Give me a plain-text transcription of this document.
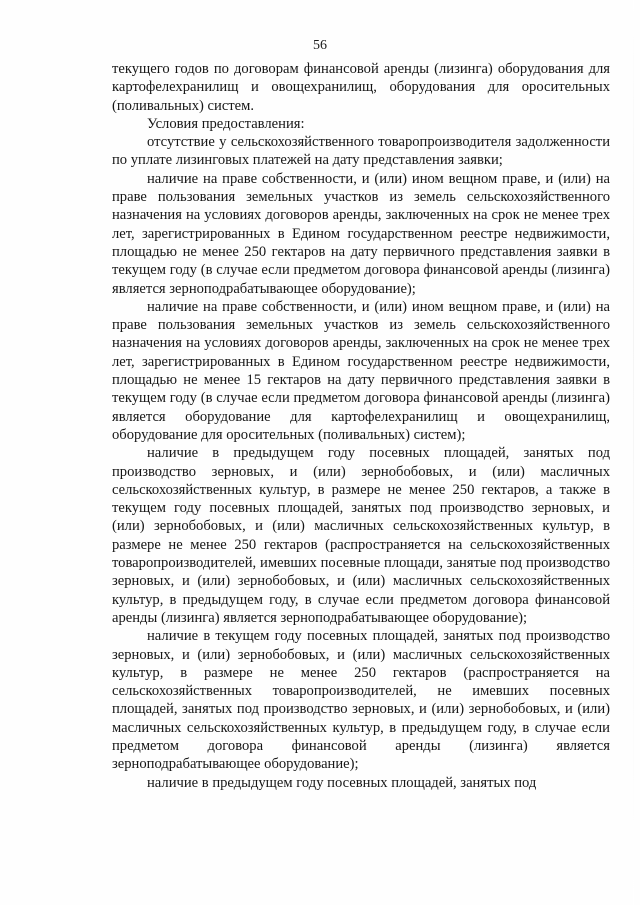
56

текущего годов по договорам финансовой аренды (лизинга) оборудования для картофелехранилищ и овощехранилищ, оборудования для оросительных (поливальных) систем.

Условия предоставления:

отсутствие у сельскохозяйственного товаропроизводителя задолженности по уплате лизинговых платежей на дату представления заявки;

наличие на праве собственности, и (или) ином вещном праве, и (или) на праве пользования земельных участков из земель сельскохозяйственного назначения на условиях договоров аренды, заключенных на срок не менее трех лет, зарегистрированных в Едином государственном реестре недвижимости, площадью не менее 250 гектаров на дату первичного представления заявки в текущем году (в случае если предметом договора финансовой аренды (лизинга) является зерноподрабатывающее оборудование);

наличие на праве собственности, и (или) ином вещном праве, и (или) на праве пользования земельных участков из земель сельскохозяйственного назначения на условиях договоров аренды, заключенных на срок не менее трех лет, зарегистрированных в Едином государственном реестре недвижимости, площадью не менее 15 гектаров на дату первичного представления заявки в текущем году (в случае если предметом договора финансовой аренды (лизинга) является оборудование для картофелехранилищ и овощехранилищ, оборудование для оросительных (поливальных) систем);

наличие в предыдущем году посевных площадей, занятых под производство зерновых, и (или) зернобобовых, и (или) масличных сельскохозяйственных культур, в размере не менее 250 гектаров, а также в текущем году посевных площадей, занятых под производство зерновых, и (или) зернобобовых, и (или) масличных сельскохозяйственных культур, в размере не менее 250 гектаров (распространяется на сельскохозяйственных товаропроизводителей, имевших посевные площади, занятые под производство зерновых, и (или) зернобобовых, и (или) масличных сельскохозяйственных культур, в предыдущем году, в случае если предметом договора финансовой аренды (лизинга) является зерноподрабатывающее оборудование);

наличие в текущем году посевных площадей, занятых под производство зерновых, и (или) зернобобовых, и (или) масличных сельскохозяйственных культур, в размере не менее 250 гектаров (распространяется на сельскохозяйственных товаропроизводителей, не имевших посевных площадей, занятых под производство зерновых, и (или) зернобобовых, и (или) масличных сельскохозяйственных культур, в предыдущем году, в случае если предметом договора финансовой аренды (лизинга) является зерноподрабатывающее оборудование);

наличие в предыдущем году посевных площадей, занятых под
